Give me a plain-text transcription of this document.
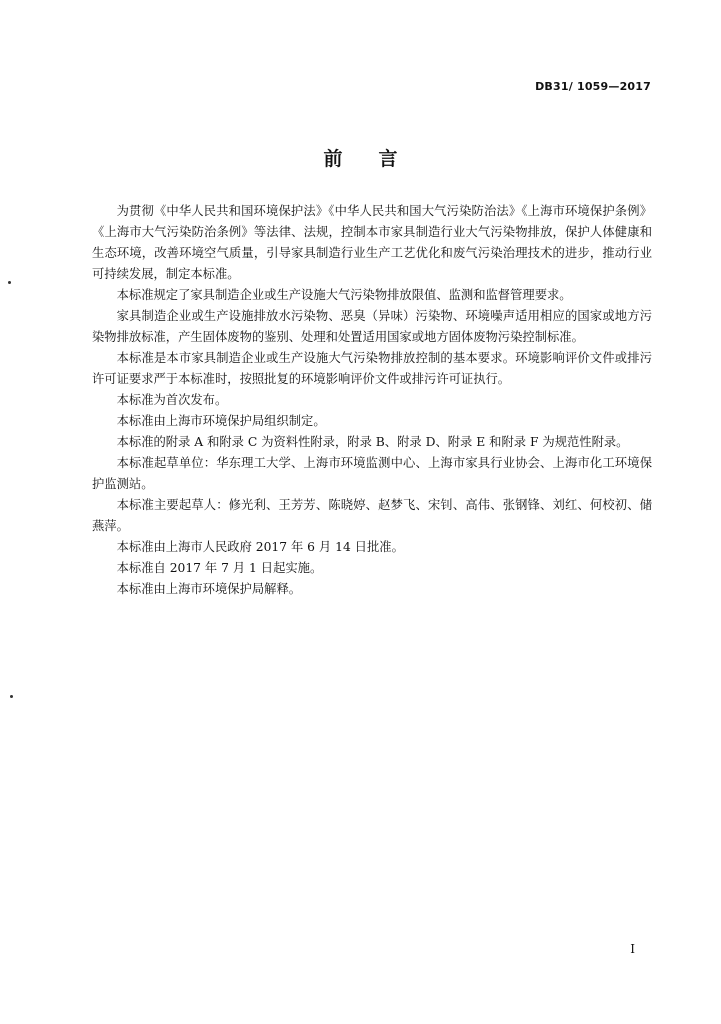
DB31/ 1059—2017
前言

为贯彻《中华人民共和国环境保护法》《中华人民共和国大气污染防治法》《上海市环境保护条例》《上海市大气污染防治条例》等法律、法规，控制本市家具制造行业大气污染物排放，保护人体健康和生态环境，改善环境空气质量，引导家具制造行业生产工艺优化和废气污染治理技术的进步，推动行业可持续发展，制定本标准。

本标准规定了家具制造企业或生产设施大气污染物排放限值、监测和监督管理要求。

家具制造企业或生产设施排放水污染物、恶臭（异味）污染物、环境噪声适用相应的国家或地方污染物排放标准，产生固体废物的鉴别、处理和处置适用国家或地方固体废物污染控制标准。

本标准是本市家具制造企业或生产设施大气污染物排放控制的基本要求。环境影响评价文件或排污许可证要求严于本标准时，按照批复的环境影响评价文件或排污许可证执行。

本标准为首次发布。

本标准由上海市环境保护局组织制定。

本标准的附录 A 和附录 C 为资料性附录，附录 B、附录 D、附录 E 和附录 F 为规范性附录。

本标准起草单位：华东理工大学、上海市环境监测中心、上海市家具行业协会、上海市化工环境保护监测站。

本标准主要起草人：修光利、王芳芳、陈晓婷、赵梦飞、宋钊、高伟、张钢锋、刘红、何校初、储燕萍。

本标准由上海市人民政府 2017 年 6 月 14 日批准。

本标准自 2017 年 7 月 1 日起实施。

本标准由上海市环境保护局解释。

I
